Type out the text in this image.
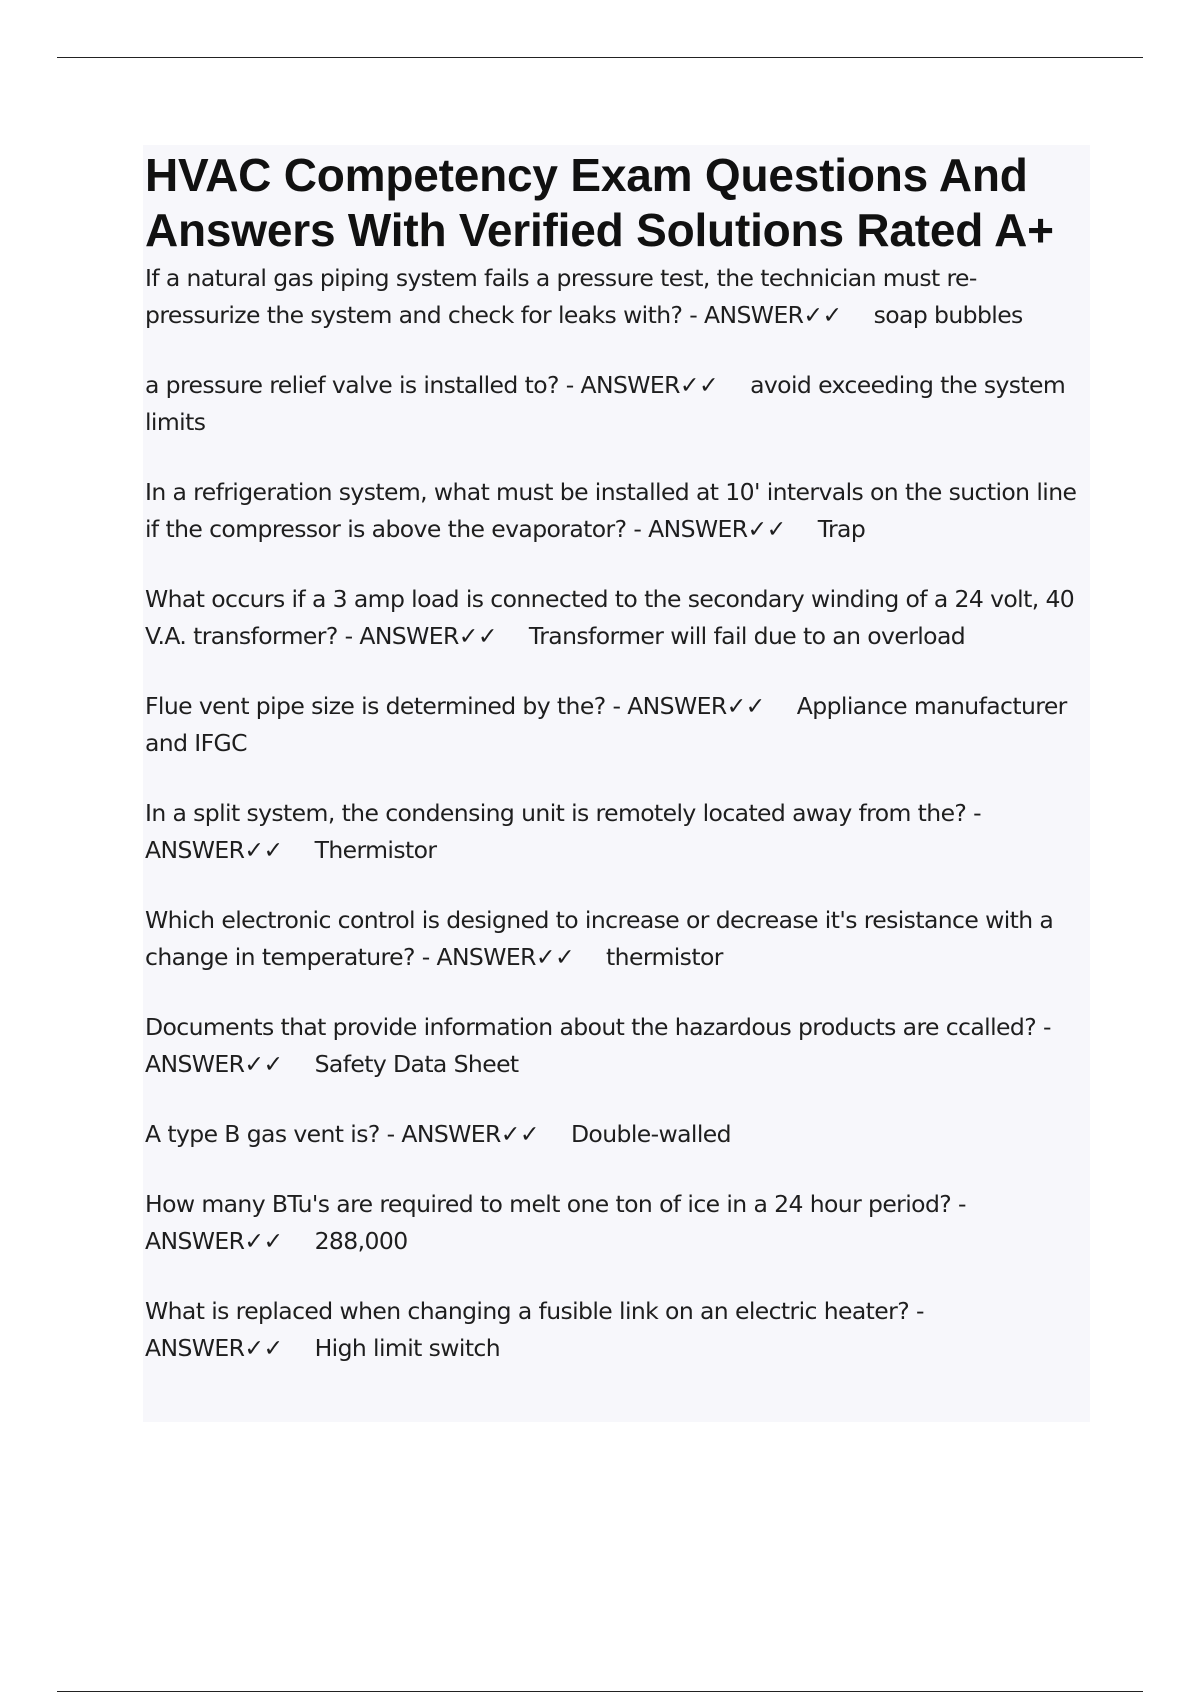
HVAC Competency Exam Questions And Answers With Verified Solutions Rated A+
If a natural gas piping system fails a pressure test, the technician must re-pressurize the system and check for leaks with? - ANSWER✓✓ soap bubbles
a pressure relief valve is installed to? - ANSWER✓✓ avoid exceeding the system limits
In a refrigeration system, what must be installed at 10' intervals on the suction line if the compressor is above the evaporator? - ANSWER✓✓ Trap
What occurs if a 3 amp load is connected to the secondary winding of a 24 volt, 40 V.A. transformer? - ANSWER✓✓ Transformer will fail due to an overload
Flue vent pipe size is determined by the? - ANSWER✓✓ Appliance manufacturer and IFGC
In a split system, the condensing unit is remotely located away from the? - ANSWER✓✓ Thermistor
Which electronic control is designed to increase or decrease it's resistance with a change in temperature? - ANSWER✓✓ thermistor
Documents that provide information about the hazardous products are ccalled? - ANSWER✓✓ Safety Data Sheet
A type B gas vent is? - ANSWER✓✓ Double-walled
How many BTu's are required to melt one ton of ice in a 24 hour period? - ANSWER✓✓ 288,000
What is replaced when changing a fusible link on an electric heater? - ANSWER✓✓ High limit switch
